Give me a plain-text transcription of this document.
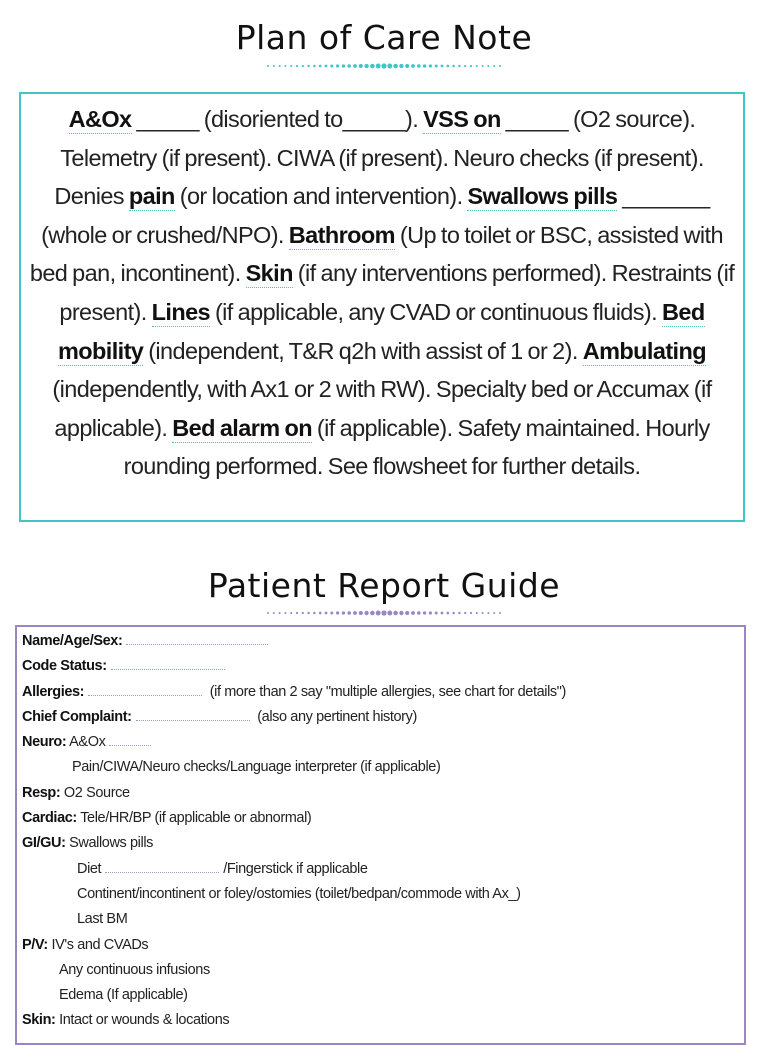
Plan of Care Note
A&Ox _____ (disoriented to_____). VSS on _____ (O2 source). Telemetry (if present). CIWA (if present). Neuro checks (if present). Denies pain (or location and intervention). Swallows pills _______ (whole or crushed/NPO). Bathroom (Up to toilet or BSC, assisted with bed pan, incontinent). Skin (if any interventions performed). Restraints (if present). Lines (if applicable, any CVAD or continuous fluids). Bed mobility (independent, T&R q2h with assist of 1 or 2). Ambulating (independently, with Ax1 or 2 with RW). Specialty bed or Accumax (if applicable). Bed alarm on (if applicable). Safety maintained. Hourly rounding performed. See flowsheet for further details.
Patient Report Guide
Name/Age/Sex:
Code Status:
Allergies:	(if more than 2 say "multiple allergies, see chart for details")
Chief Complaint:	(also any pertinent history)
Neuro: A&Ox
Pain/CIWA/Neuro checks/Language interpreter (if applicable)
Resp: O2 Source
Cardiac: Tele/HR/BP (if applicable or abnormal)
GI/GU: Swallows pills
Diet	/Fingerstick if applicable
Continent/incontinent or foley/ostomies (toilet/bedpan/commode with Ax_)
Last BM
P/V: IV's and CVADs
Any continuous infusions
Edema (If applicable)
Skin: Intact or wounds & locations
